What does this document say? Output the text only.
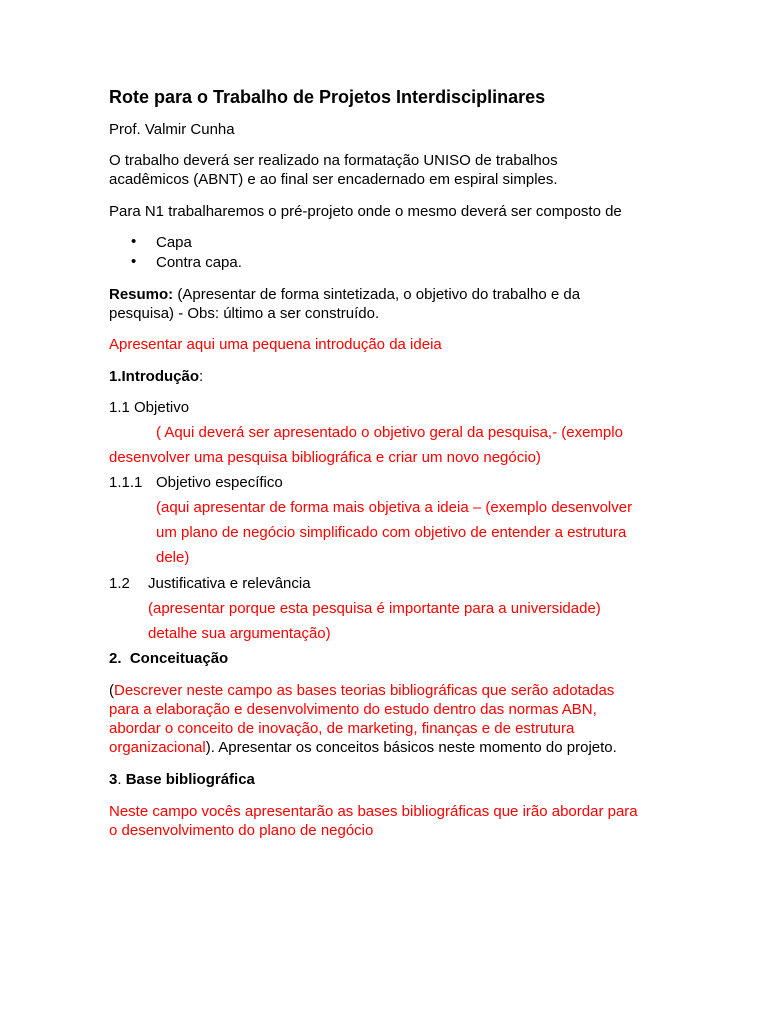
Rote para o Trabalho de Projetos Interdisciplinares
Prof. Valmir Cunha
O trabalho deverá ser realizado na formatação UNISO de trabalhos
acadêmicos (ABNT) e ao final ser encadernado em espiral simples.
Para N1 trabalharemos o pré-projeto onde o mesmo deverá ser composto de
• Capa
• Contra capa.
Resumo: (Apresentar de forma sintetizada, o objetivo do trabalho e da
pesquisa) - Obs: último a ser construído.
Apresentar aqui uma pequena introdução da ideia
1.Introdução:
1.1 Objetivo
( Aqui deverá ser apresentado o objetivo geral da pesquisa,- (exemplo
desenvolver uma pesquisa bibliográfica e criar um novo negócio)
1.1.1 Objetivo específico
(aqui apresentar de forma mais objetiva a ideia – (exemplo desenvolver
um plano de negócio simplificado com objetivo de entender a estrutura
dele)
1.2 Justificativa e relevância
(apresentar porque esta pesquisa é importante para a universidade)
detalhe sua argumentação)
2.  Conceituação
(Descrever neste campo as bases teorias bibliográficas que serão adotadas
para a elaboração e desenvolvimento do estudo dentro das normas ABN,
abordar o conceito de inovação, de marketing, finanças e de estrutura
organizacional). Apresentar os conceitos básicos neste momento do projeto.
3. Base bibliográfica
Neste campo vocês apresentarão as bases bibliográficas que irão abordar para
o desenvolvimento do plano de negócio
